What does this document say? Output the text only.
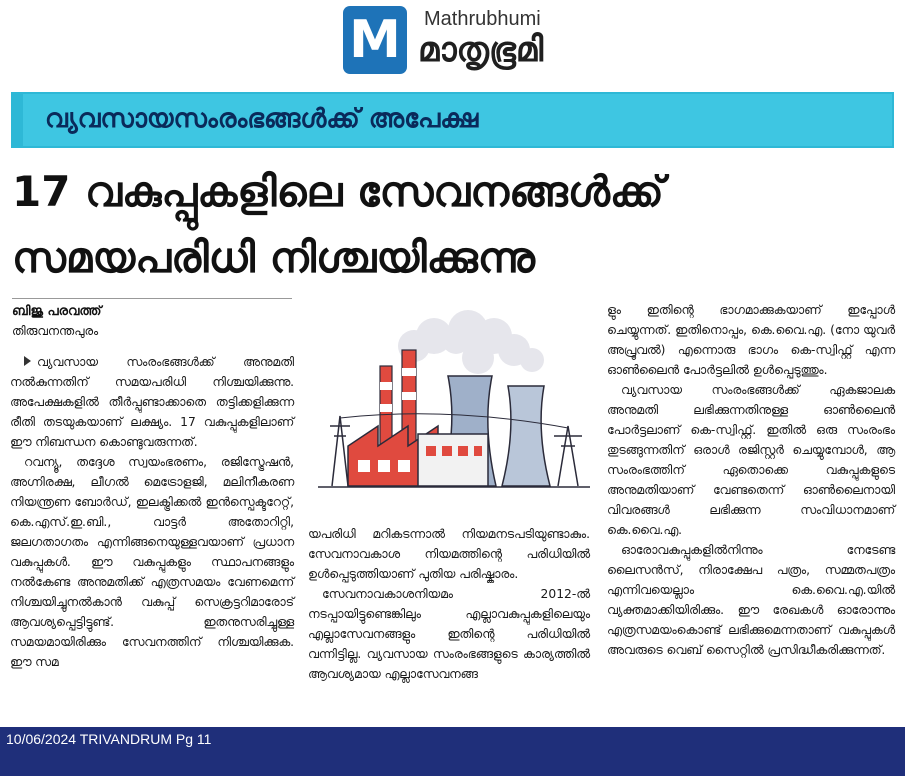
M	Mathrubhumi
മാതൃഭൂമി
വ്യവസായസംരംഭങ്ങൾക്ക് അപേക്ഷ
17 വകുപ്പുകളിലെ സേവനങ്ങൾക്ക്
സമയപരിധി നിശ്ചയിക്കുന്നു
ബിജു പരവത്ത്
തിരുവനന്തപുരം

വ്യവസായ സംരംഭങ്ങൾക്ക് അനുമതി നൽകുന്നതിന് സമയപരിധി നിശ്ചയിക്കുന്നു. അപേക്ഷകളിൽ തീർപ്പുണ്ടാക്കാതെ തട്ടിക്കളിക്കുന്ന രീതി തടയുകയാണ് ലക്ഷ്യം. 17 വകുപ്പുകളിലാണ് ഈ നിബന്ധന കൊണ്ടുവരുന്നത്.

റവന്യൂ, തദ്ദേശ സ്വയംഭരണം, രജിസ്ട്രേഷൻ, അഗ്നിരക്ഷ, ലീഗൽ മെട്രോളജി, മലിനീകരണ നിയന്ത്രണ ബോർഡ്, ഇലക്ട്രിക്കൽ ഇൻസ്പെക്ടറേറ്റ്, കെ.എസ്.ഇ.ബി., വാട്ടർ അതോറിറ്റി, ജലഗതാഗതം എന്നിങ്ങനെയുള്ളവയാണ് പ്രധാന വകുപ്പുകൾ. ഈ വകുപ്പുകളും സ്ഥാപനങ്ങളും നൽകേണ്ട അനുമതിക്ക് എത്രസമയം വേണമെന്ന് നിശ്ചയിച്ചുനൽകാൻ വകുപ്പ് സെക്രട്ടറിമാരോട് ആവശ്യപ്പെട്ടിട്ടുണ്ട്. ഇതനുസരിച്ചുള്ള സമയമായിരിക്കും സേവനത്തിന് നിശ്ചയിക്കുക. ഈ സമ

യപരിധി മറികടന്നാൽ നിയമനടപടിയുണ്ടാകും. സേവനാവകാശ നിയമത്തിന്റെ പരിധിയിൽ ഉൾപ്പെടുത്തിയാണ് പുതിയ പരിഷ്കാരം.

സേവനാവകാശനിയമം 2012-ൽ നടപ്പായിട്ടുണ്ടെങ്കിലും എല്ലാവകുപ്പുകളിലെയും എല്ലാസേവനങ്ങളും ഇതിന്റെ പരിധിയിൽ വന്നിട്ടില്ല. വ്യവസായ സംരംഭങ്ങളുടെ കാര്യത്തിൽ ആവശ്യമായ എല്ലാസേവനങ്ങ

ളും ഇതിന്റെ ഭാഗമാക്കുകയാണ് ഇപ്പോൾ ചെയ്യുന്നത്. ഇതിനൊപ്പം, കെ.വൈ.എ. (നോ യുവർ അപ്രൂവൽ) എന്നൊരു ഭാഗം കെ-സ്വിഫ്റ്റ് എന്ന ഓൺലൈൻ പോർട്ടലിൽ ഉൾപ്പെടുത്തും.

വ്യവസായ സംരംഭങ്ങൾക്ക് ഏകജാലക അനുമതി ലഭിക്കുന്നതിനുള്ള ഓൺലൈൻ പോർട്ടലാണ് കെ-സ്വിഫ്റ്റ്. ഇതിൽ ഒരു സംരംഭം തുടങ്ങുന്നതിന് ഒരാൾ രജിസ്റ്റർ ചെയ്യുമ്പോൾ, ആ സംരംഭത്തിന് ഏതൊക്കെ വകുപ്പുകളുടെ അനുമതിയാണ് വേണ്ടതെന്ന് ഓൺലൈനായി വിവരങ്ങൾ ലഭിക്കുന്ന സംവിധാനമാണ് കെ.വൈ.എ.

ഓരോവകുപ്പുകളിൽനിന്നും നേടേണ്ട ലൈസൻസ്, നിരാക്ഷേപ പത്രം, സമ്മതപത്രം എന്നിവയെല്ലാം കെ.വൈ.എ.യിൽ വ്യക്തമാക്കിയിരിക്കും. ഈ രേഖകൾ ഓരോന്നും എത്രസമയംകൊണ്ട് ലഭിക്കുമെന്നതാണ് വകുപ്പുകൾ അവരുടെ വെബ് സൈറ്റിൽ പ്രസിദ്ധീകരിക്കുന്നത്.

10/06/2024 TRIVANDRUM Pg 11
